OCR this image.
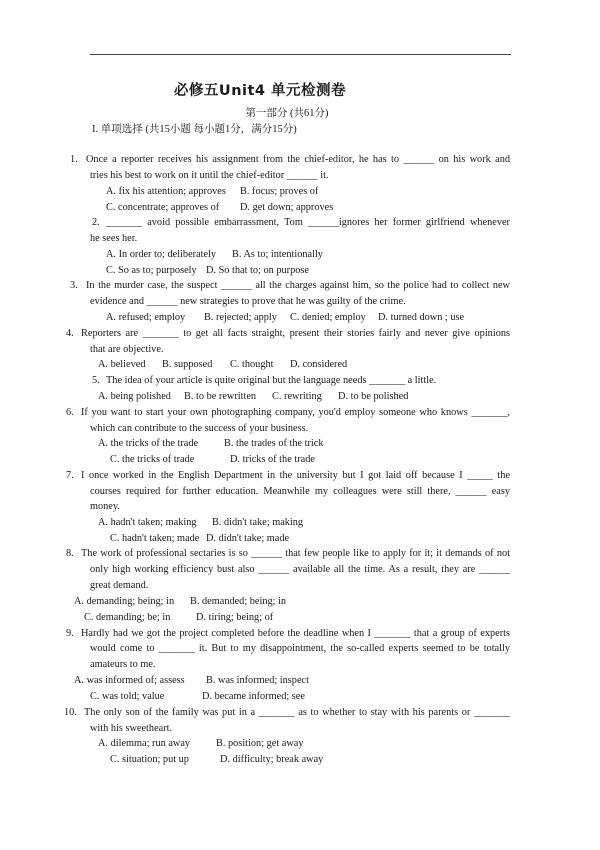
必修五Unit4 单元检测卷
第一部分 (共61分)
I. 单项选择 (共15小题 每小题1分，满分15分)
1. Once a reporter receives his assignment from the chief-editor, he has to ______ on his work and
tries his best to work on it until the chief-editor ______ it.
A. fix his attention; approves B. focus; proves of
C. concentrate; approves of D. get down; approves
2. _______ avoid possible embarrassment, Tom ______ignores her former girlfriend whenever
he sees her.
A. In order to; deliberately B. As to; intentionally
C. So as to; purposely D. So that to; on purpose
3. In the murder case, the suspect ______ all the charges against him, so the police had to collect new
evidence and ______ new strategies to prove that he was guilty of the crime.
A. refused; employ B. rejected; apply C. denied; employ D. turned down ; use
4. Reporters are _______ to get all facts straight, present their stories fairly and never give opinions
that are objective.
A. believed B. supposed C. thought D. considered
5. The idea of your article is quite original but the language needs _______ a little.
A. being polished B. to be rewritten C. rewriting D. to be polished
6. If you want to start your own photographing company, you'd employ someone who knows _______,
which can contribute to the success of your business.
A. the tricks of the trade	B. the trades of the trick
C. the tricks of trade	D. tricks of the trade
7. I once worked in the English Department in the university but I got laid off because I _____ the
courses required for further education. Meanwhile my colleagues were still there, ______ easy
money.
A. hadn't taken; making B. didn't take; making
C. hadn't taken; made D. didn't take; made
8. The work of professional sectaries is so ______ that few people like to apply for it; it demands of not
only high working efficiency bust also ______ available all the time. As a result, they are ______
great demand.
A. demanding; being; in B. demanded; being; in
C. demanding; be; in D. tiring; being; of
9. Hardly had we got the project completed before the deadline when I _______ that a group of experts
would come to _______ it. But to my disappointment, the so-called experts seemed to be totally
amateurs to me.
A. was informed of; assess B. was informed; inspect
C. was told; value	D. became informed; see
10. The only son of the family was put in a _______ as to whether to stay with his parents or _______
with his sweetheart.
A. dilemma; run away	B. position; get away
C. situation; put up	D. difficulty; break away
